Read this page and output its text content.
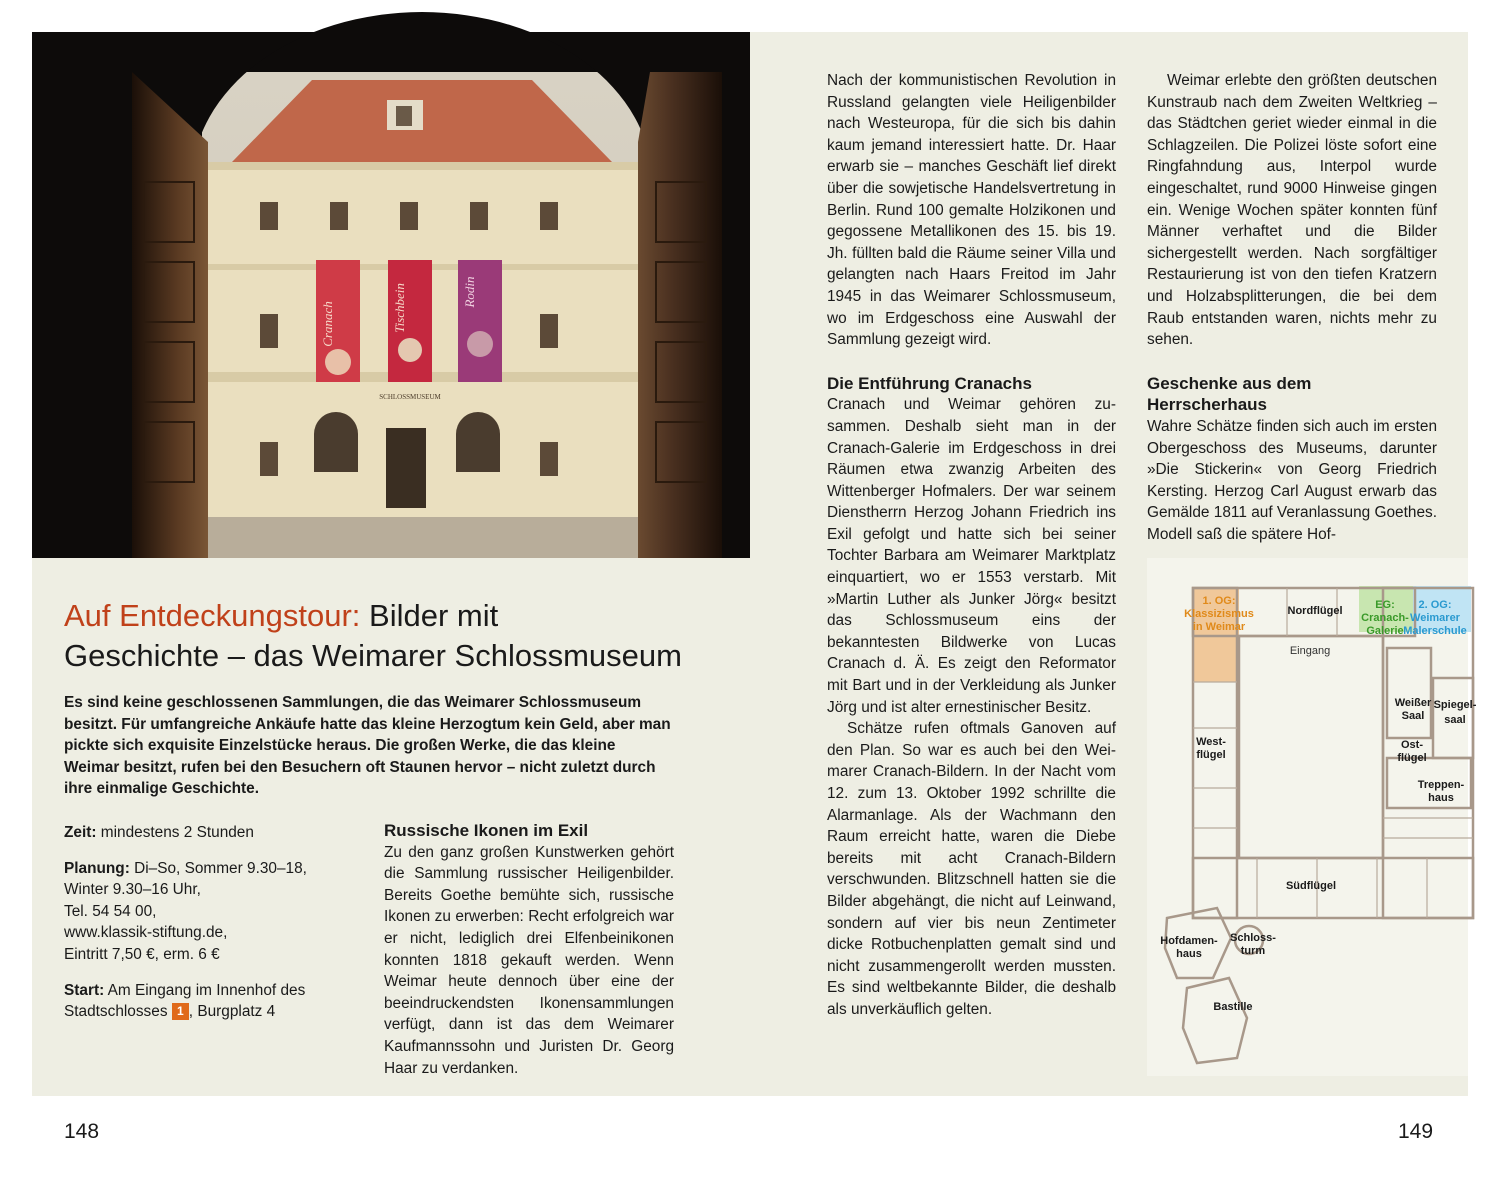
Cranach	Tischbein	Rodin
SCHLOSSMUSEUM
Auf Entdeckungstour: Bilder mit
Geschichte – das Weimarer Schlossmuseum

Es sind keine geschlossenen Sammlungen, die das Weimarer Schlossmuseum besitzt. Für umfangreiche Ankäufe hatte das kleine Herzogtum kein Geld, aber man pickte sich exquisite Einzelstücke heraus. Die großen Werke, die das kleine Weimar besitzt, rufen bei den Besuchern oft Staunen hervor – nicht zuletzt durch ihre einmalige Geschichte.

Zeit: mindestens 2 Stunden

Planung: Di–So, Sommer 9.30–18,
Winter 9.30–16 Uhr,
Tel. 54 54 00,
www.klassik-stiftung.de,
Eintritt 7,50 €, erm. 6 €

Start: Am Eingang im Innenhof des
Stadtschlosses 1 , Burgplatz 4

Russische Ikonen im Exil

Zu den ganz großen Kunstwerken gehört die Sammlung russischer Heiligenbilder. Bereits Goethe bemühte sich, russische Ikonen zu erwerben: Recht erfolgreich war er nicht, lediglich drei Elfenbeinikonen konnten 1818 gekauft werden. Wenn Weimar heute dennoch über eine der beeindruckendsten Ikonensammlungen verfügt, dann ist das dem Weimarer Kaufmannssohn und Juristen Dr. Georg Haar zu verdanken.

Nach der kommunistischen Revolution in Russland gelangten viele Heiligenbilder nach Westeuropa, für die sich bis dahin kaum jemand interessiert hatte. Dr. Haar erwarb sie – manches Geschäft lief direkt über die sowjetische Handelsvertretung in Berlin. Rund 100 gemalte Holzikonen und gegossene Metallikonen des 15. bis 19. Jh. füllten bald die Räume seiner Villa und gelangten nach Haars Freitod im Jahr 1945 in das Weimarer Schlossmuseum, wo im Erdgeschoss eine Auswahl der Sammlung gezeigt wird.

Die Entführung Cranachs

Cranach und Weimar gehören zusammen. Deshalb sieht man in der Cranach-Galerie im Erdgeschoss in drei Räumen etwa zwanzig Arbeiten des Wittenberger Hofmalers. Der war seinem Dienstherrn Herzog Johann Friedrich ins Exil gefolgt und hatte sich bei seiner Tochter Barbara am Weimarer Marktplatz einquartiert, wo er 1553 verstarb. Mit »Martin Luther als Junker Jörg« besitzt das Schlossmuseum eins der bekanntesten Bildwerke von Lucas Cranach d. Ä. Es zeigt den Reformator mit Bart und in der Verkleidung als Junker Jörg und ist alter ernestinischer Besitz.

Schätze rufen oftmals Ganoven auf den Plan. So war es auch bei den Weimarer Cranach-Bildern. In der Nacht vom 12. zum 13. Oktober 1992 schrillte die Alarmanlage. Als der Wachmann den Raum erreicht hatte, waren die Diebe bereits mit acht Cranach-Bildern verschwunden. Blitzschnell hatten sie die Bilder abgehängt, die nicht auf Leinwand, sondern auf vier bis neun Zentimeter dicke Rotbuchenplatten gemalt sind und nicht zusammengerollt werden mussten. Es sind weltbekannte Bilder, die deshalb als unverkäuflich gelten.

Weimar erlebte den größten deutschen Kunstraub nach dem Zweiten Weltkrieg – das Städtchen geriet wieder einmal in die Schlagzeilen. Die Polizei löste sofort eine Ringfahndung aus, Interpol wurde eingeschaltet, rund 9000 Hinweise gingen ein. Wenige Wochen später konnten fünf Männer verhaftet und die Bilder sichergestellt werden. Nach sorgfältiger Restaurierung ist von den tiefen Kratzern und Holzabsplitterungen, die bei dem Raub entstanden waren, nichts mehr zu sehen.

Geschenke aus dem
Herrscherhaus

Wahre Schätze finden sich auch im ersten Obergeschoss des Museums, darunter »Die Stickerin« von Georg Friedrich Kersting. Herzog Carl August erwarb das Gemälde 1811 auf Veranlassung Goethes. Modell saß die spätere Hof-

1. OG:
Klassizismus
in Weimar
Nordflügel	EG:
Cranach-
Galerie
2. OG:
Weimarer
Malerschule
Eingang
Weißer
Saal
Spiegel-
saal
West-
flügel
Ost-
flügel
Treppen-
haus
Südflügel
Hofdamen-
haus
Schloss-
turm
Bastille
148	149
